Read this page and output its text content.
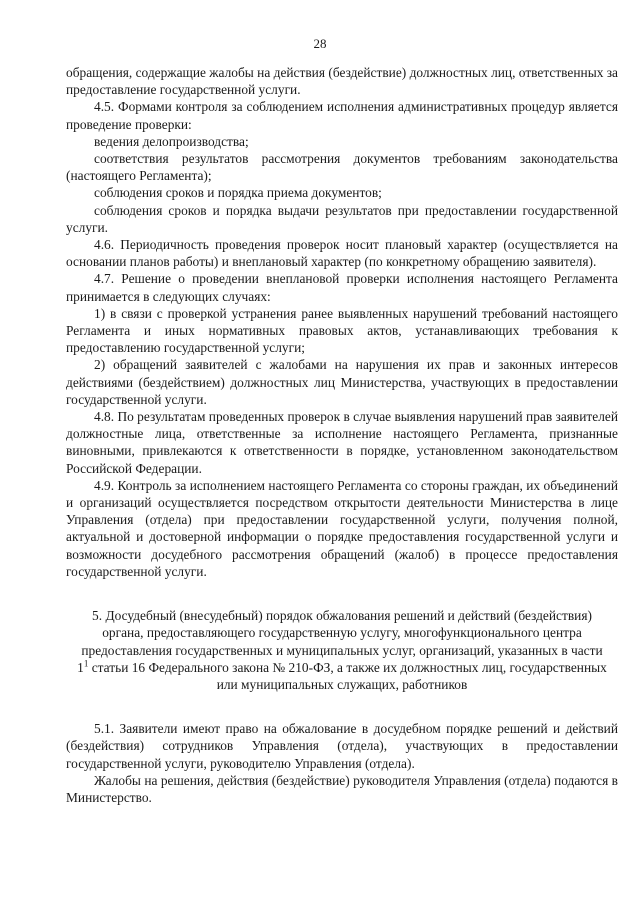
28

обращения, содержащие жалобы на действия (бездействие) должностных лиц, ответственных за предоставление государственной услуги.

4.5. Формами контроля за соблюдением исполнения административных процедур является проведение проверки:

ведения делопроизводства;

соответствия результатов рассмотрения документов требованиям законодательства (настоящего Регламента);

соблюдения сроков и порядка приема документов;

соблюдения сроков и порядка выдачи результатов при предоставлении государственной услуги.

4.6. Периодичность проведения проверок носит плановый характер (осуществляется на основании планов работы) и внеплановый характер (по конкретному обращению заявителя).

4.7. Решение о проведении внеплановой проверки исполнения настоящего Регламента принимается в следующих случаях:

1) в связи с проверкой устранения ранее выявленных нарушений требований настоящего Регламента и иных нормативных правовых актов, устанавливающих требования к предоставлению государственной услуги;

2) обращений заявителей с жалобами на нарушения их прав и законных интересов действиями (бездействием) должностных лиц Министерства, участвующих в предоставлении государственной услуги.

4.8. По результатам проведенных проверок в случае выявления нарушений прав заявителей должностные лица, ответственные за исполнение настоящего Регламента, признанные виновными, привлекаются к ответственности в порядке, установленном законодательством Российской Федерации.

4.9. Контроль за исполнением настоящего Регламента со стороны граждан, их объединений и организаций осуществляется посредством открытости деятельности Министерства в лице Управления (отдела) при предоставлении государственной услуги, получения полной, актуальной и достоверной информации о порядке предоставления государственной услуги и возможности досудебного рассмотрения обращений (жалоб) в процессе предоставления государственной услуги.

5. Досудебный (внесудебный) порядок обжалования решений и действий (бездействия) органа, предоставляющего государственную услугу, многофункционального центра предоставления государственных и муниципальных услуг, организаций, указанных в части $1^1$ статьи 16 Федерального закона № 210-ФЗ, а также их должностных лиц, государственных или муниципальных служащих, работников

5.1. Заявители имеют право на обжалование в досудебном порядке решений и действий (бездействия) сотрудников Управления (отдела), участвующих в предоставлении государственной услуги, руководителю Управления (отдела).

Жалобы на решения, действия (бездействие) руководителя Управления (отдела) подаются в Министерство.
